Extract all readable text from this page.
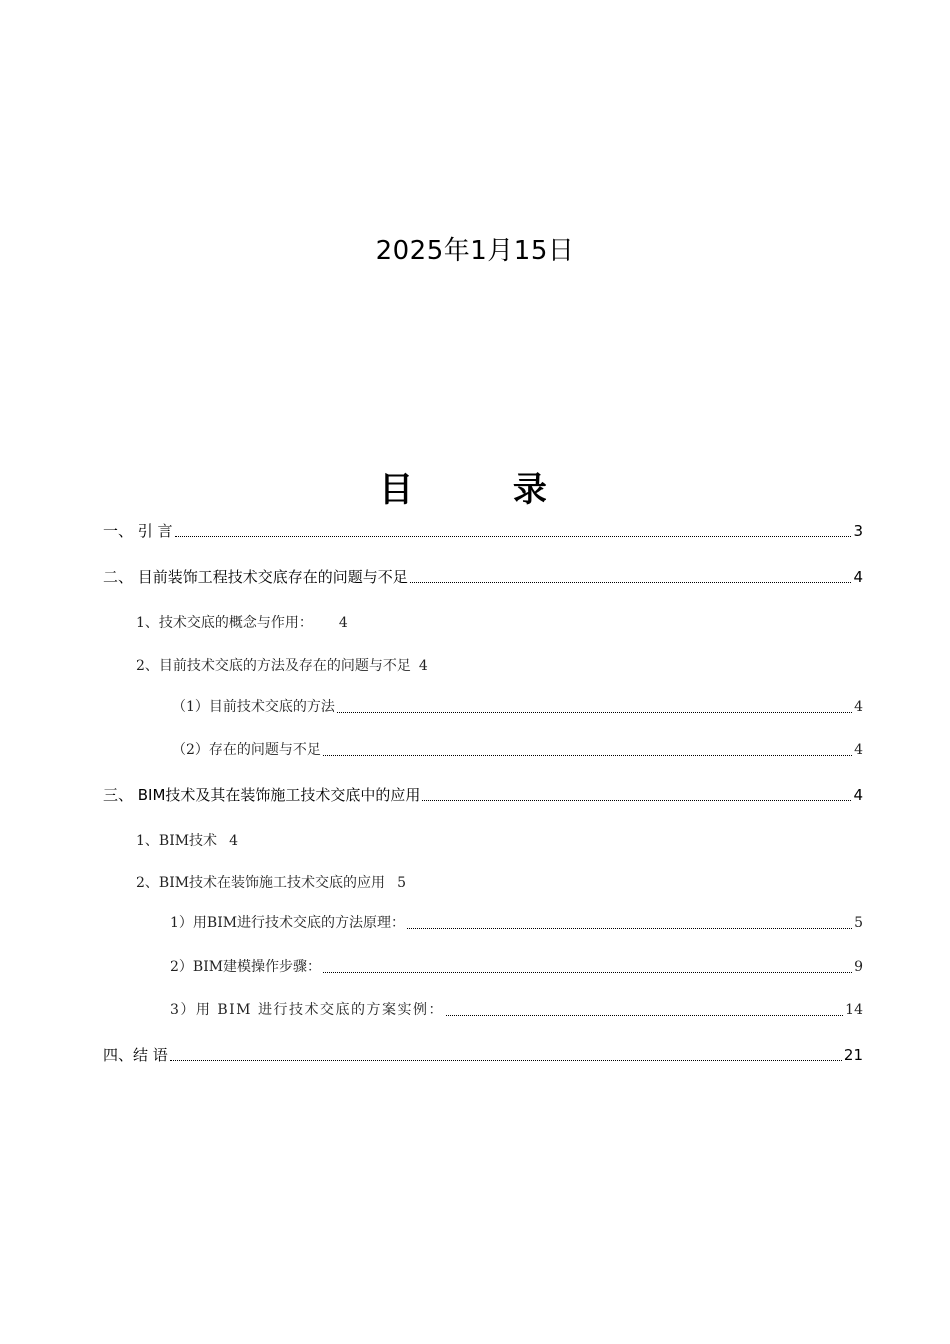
2025年1月15日
目 录
一、 引 言	3
二、 目前装饰工程技术交底存在的问题与不足	4
1、技术交底的概念与作用： 4
2、目前技术交底的方法及存在的问题与不足 4
（1）目前技术交底的方法	4
（2）存在的问题与不足	4
三、 BIM技术及其在装饰施工技术交底中的应用	4
1、BIM技术 4
2、BIM技术在装饰施工技术交底的应用 5
1）用BIM进行技术交底的方法原理：	5
2）BIM建模操作步骤：	9
3）用 BIM 进行技术交底的方案实例：	14
四、结 语	21
